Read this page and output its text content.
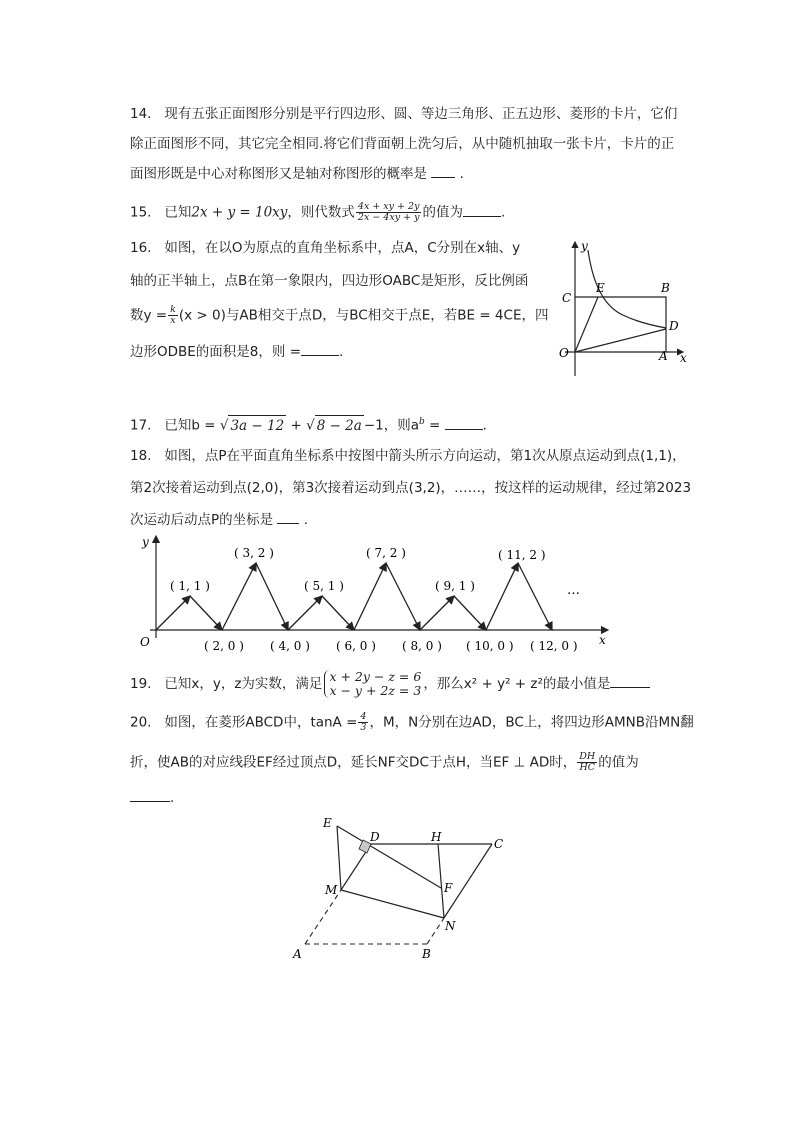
14. 现有五张正面图形分别是平行四边形、圆、等边三角形、正五边形、菱形的卡片，它们
除正面图形不同，其它完全相同.将它们背面朝上洗匀后，从中随机抽取一张卡片，卡片的正
面图形既是中心对称图形又是轴对称图形的概率是 .
15. 已知2x + y = 10xy，则代数式 $\frac{4x + xy + 2y}{2x - 4xy + y}$ 的值为	.
16. 如图，在以O为原点的直角坐标系中，点A，C分别在x轴、y
轴的正半轴上，点B在第一象限内，四边形OABC是矩形，反比例函
数$y = \frac{k}{x} (x > 0)$与AB相交于点D，与BC相交于点E，若BE = 4CE，四
边形ODBE的面积是8，则 =	.
y
x
C
E	B
D
O	A
17. 已知b = √ 3a − 12 + √ 8 − 2a −1，则$a^b$ =	.
18. 如图，点P在平面直角坐标系中按图中箭头所示方向运动，第1次从原点运动到点(1,1)，
第2次接着运动到点(2,0)，第3次接着运动到点(3,2)，……，按这样的运动规律，经过第2023
次运动后动点P的坐标是 .
y
x
O
…
( 3, 2 )	( 7, 2 )	( 11, 2 )
( 1, 1 )	( 5, 1 )	( 9, 1 )
( 2, 0 ) ( 4, 0 ) ( 6, 0 ) ( 8, 0 ) ( 10, 0 ) ( 12, 0 )
19. 已知x，y，z为实数，满足 x + 2y − z = 6
x − y + 2z = 3 ，那么x² + y² + z²的最小值是
20. 如图，在菱形ABCD中，$\tan A = \frac{4}{3}$ ，M，N分别在边AD，BC上，将四边形AMNB沿MN翻
折，使AB的对应线段EF经过顶点D，延长NF交DC于点H，当EF ⊥ AD时， $\frac{DH}{HC}$ 的值为
.
E
D	H	C
M	F
N
A	B
